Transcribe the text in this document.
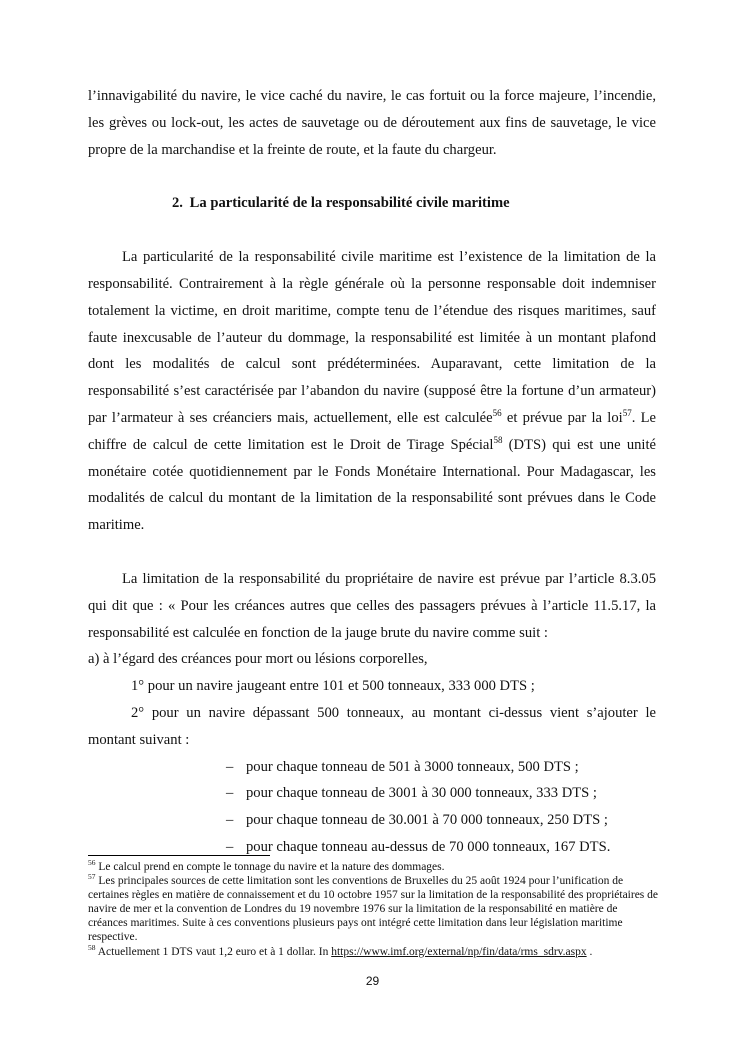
l’innavigabilité du navire, le vice caché du navire, le cas fortuit ou la force majeure, l’incendie, les grèves ou lock-out, les actes de sauvetage ou de déroutement aux fins de sauvetage, le vice propre de la marchandise et la freinte de route, et la faute du chargeur.

2. La particularité de la responsabilité civile maritime

La particularité de la responsabilité civile maritime est l’existence de la limitation de la responsabilité. Contrairement à la règle générale où la personne responsable doit indemniser totalement la victime, en droit maritime, compte tenu de l’étendue des risques maritimes, sauf faute inexcusable de l’auteur du dommage, la responsabilité est limitée à un montant plafond dont les modalités de calcul sont prédéterminées. Auparavant, cette limitation de la responsabilité s’est caractérisée par l’abandon du navire (supposé être la fortune d’un armateur) par l’armateur à ses créanciers mais, actuellement, elle est calculée$^{56}$ et prévue par la loi$^{57}$. Le chiffre de calcul de cette limitation est le Droit de Tirage Spécial$^{58}$ (DTS) qui est une unité monétaire cotée quotidiennement par le Fonds Monétaire International. Pour Madagascar, les modalités de calcul du montant de la limitation de la responsabilité sont prévues dans le Code maritime.

La limitation de la responsabilité du propriétaire de navire est prévue par l’article 8.3.05 qui dit que : « Pour les créances autres que celles des passagers prévues à l’article 11.5.17, la responsabilité est calculée en fonction de la jauge brute du navire comme suit :

a) à l’égard des créances pour mort ou lésions corporelles,

1° pour un navire jaugeant entre 101 et 500 tonneaux, 333 000 DTS ;

2° pour un navire dépassant 500 tonneaux, au montant ci-dessus vient s’ajouter le montant suivant :

– pour chaque tonneau de 501 à 3000 tonneaux, 500 DTS ;

– pour chaque tonneau de 3001 à 30 000 tonneaux, 333 DTS ;

– pour chaque tonneau de 30.001 à 70 000 tonneaux, 250 DTS ;

– pour chaque tonneau au-dessus de 70 000 tonneaux, 167 DTS.

$^{56}$ Le calcul prend en compte le tonnage du navire et la nature des dommages.

$^{57}$ Les principales sources de cette limitation sont les conventions de Bruxelles du 25 août 1924 pour l’unification de certaines règles en matière de connaissement et du 10 octobre 1957 sur la limitation de la responsabilité des propriétaires de navire de mer et la convention de Londres du 19 novembre 1976 sur la limitation de la responsabilité en matière de créances maritimes. Suite à ces conventions plusieurs pays ont intégré cette limitation dans leur législation maritime respective.

$^{58}$ Actuellement 1 DTS vaut 1,2 euro et à 1 dollar. In https://www.imf.org/external/np/fin/data/rms_sdrv.aspx .

29
